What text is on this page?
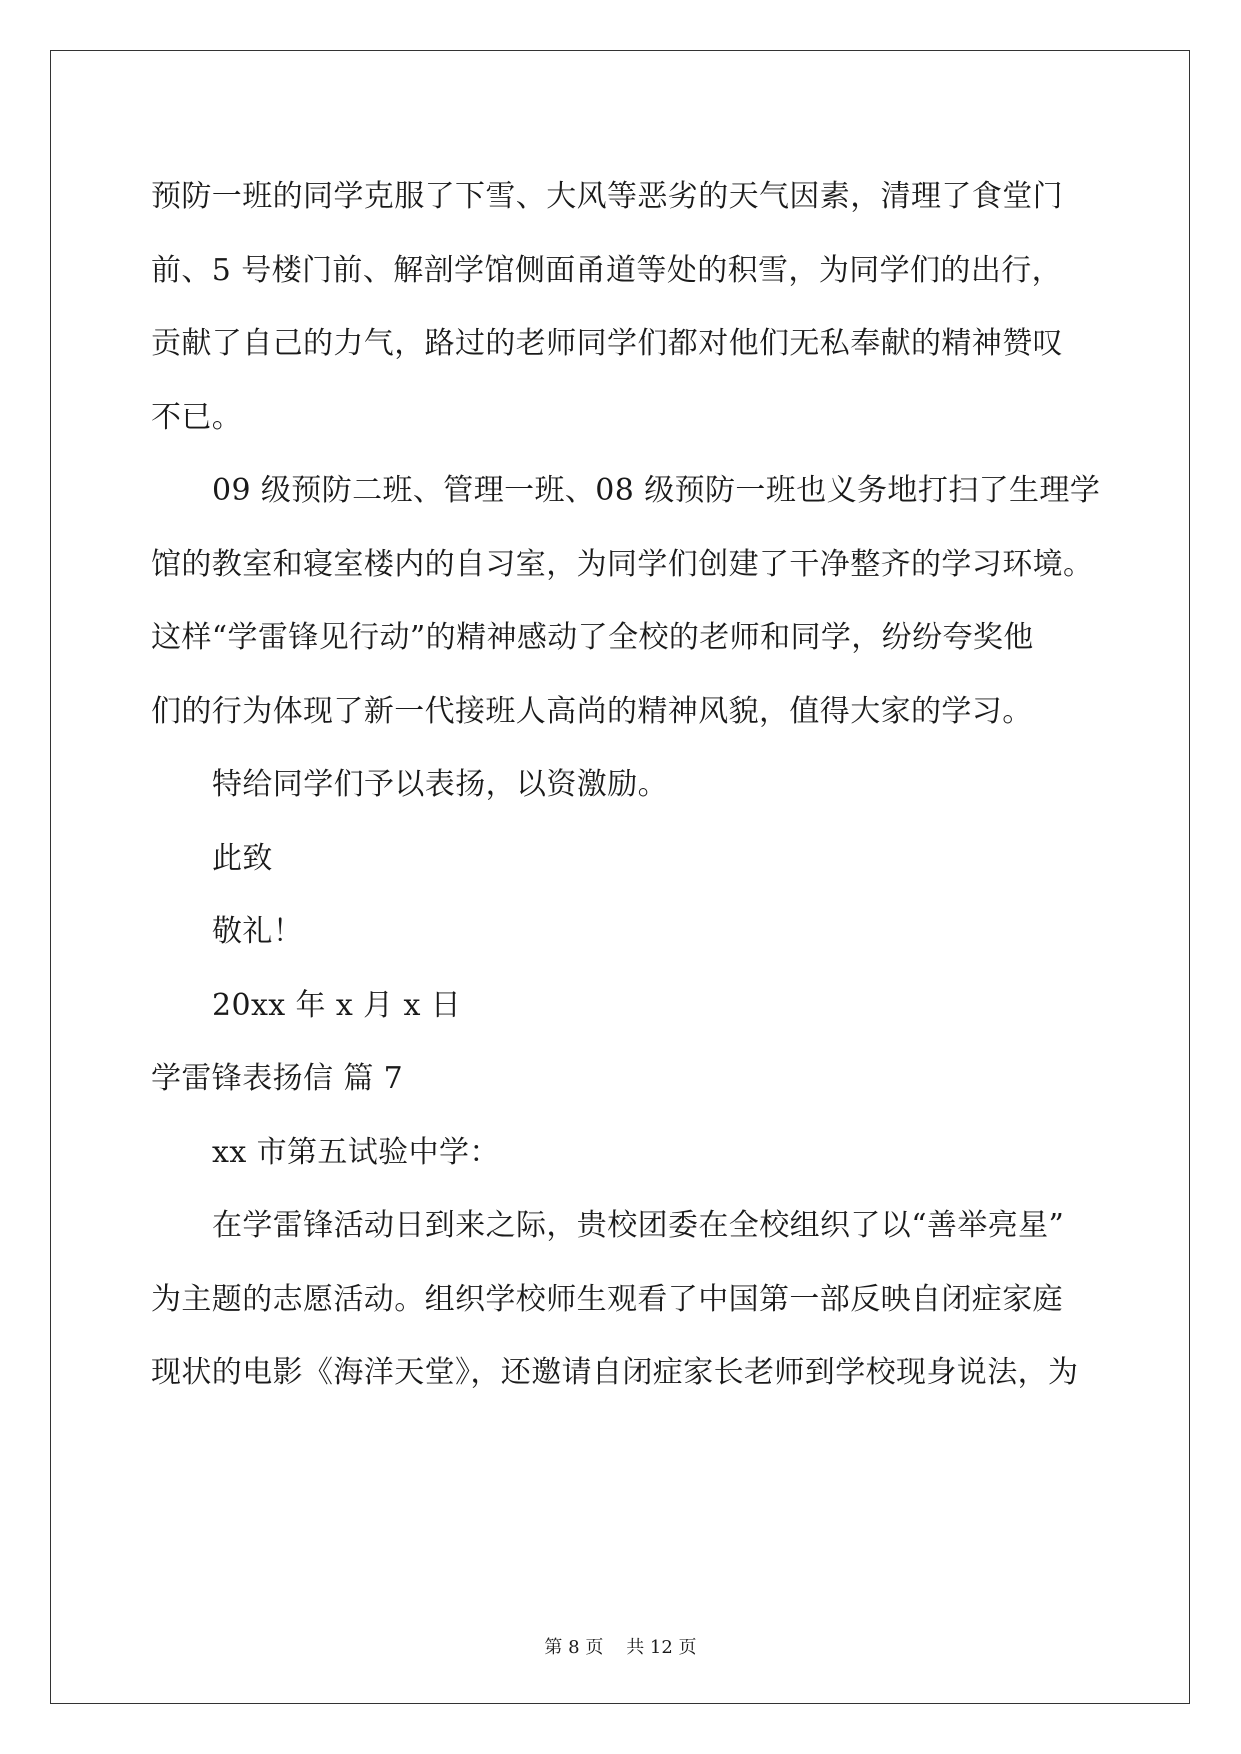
预防一班的同学克服了下雪、大风等恶劣的天气因素，清理了食堂门
前、5 号楼门前、解剖学馆侧面甬道等处的积雪，为同学们的出行，
贡献了自己的力气，路过的老师同学们都对他们无私奉献的精神赞叹
不已。
09 级预防二班、管理一班、08 级预防一班也义务地打扫了生理学
馆的教室和寝室楼内的自习室，为同学们创建了干净整齐的学习环境。
这样“学雷锋见行动”的精神感动了全校的老师和同学，纷纷夸奖他
们的行为体现了新一代接班人高尚的精神风貌，值得大家的学习。
特给同学们予以表扬，以资激励。
此致
敬礼！
20xx 年 x 月 x 日
学雷锋表扬信 篇 7
xx 市第五试验中学：
在学雷锋活动日到来之际，贵校团委在全校组织了以“善举亮星”
为主题的志愿活动。组织学校师生观看了中国第一部反映自闭症家庭
现状的电影《海洋天堂》，还邀请自闭症家长老师到学校现身说法，为
第 8 页    共 12 页
